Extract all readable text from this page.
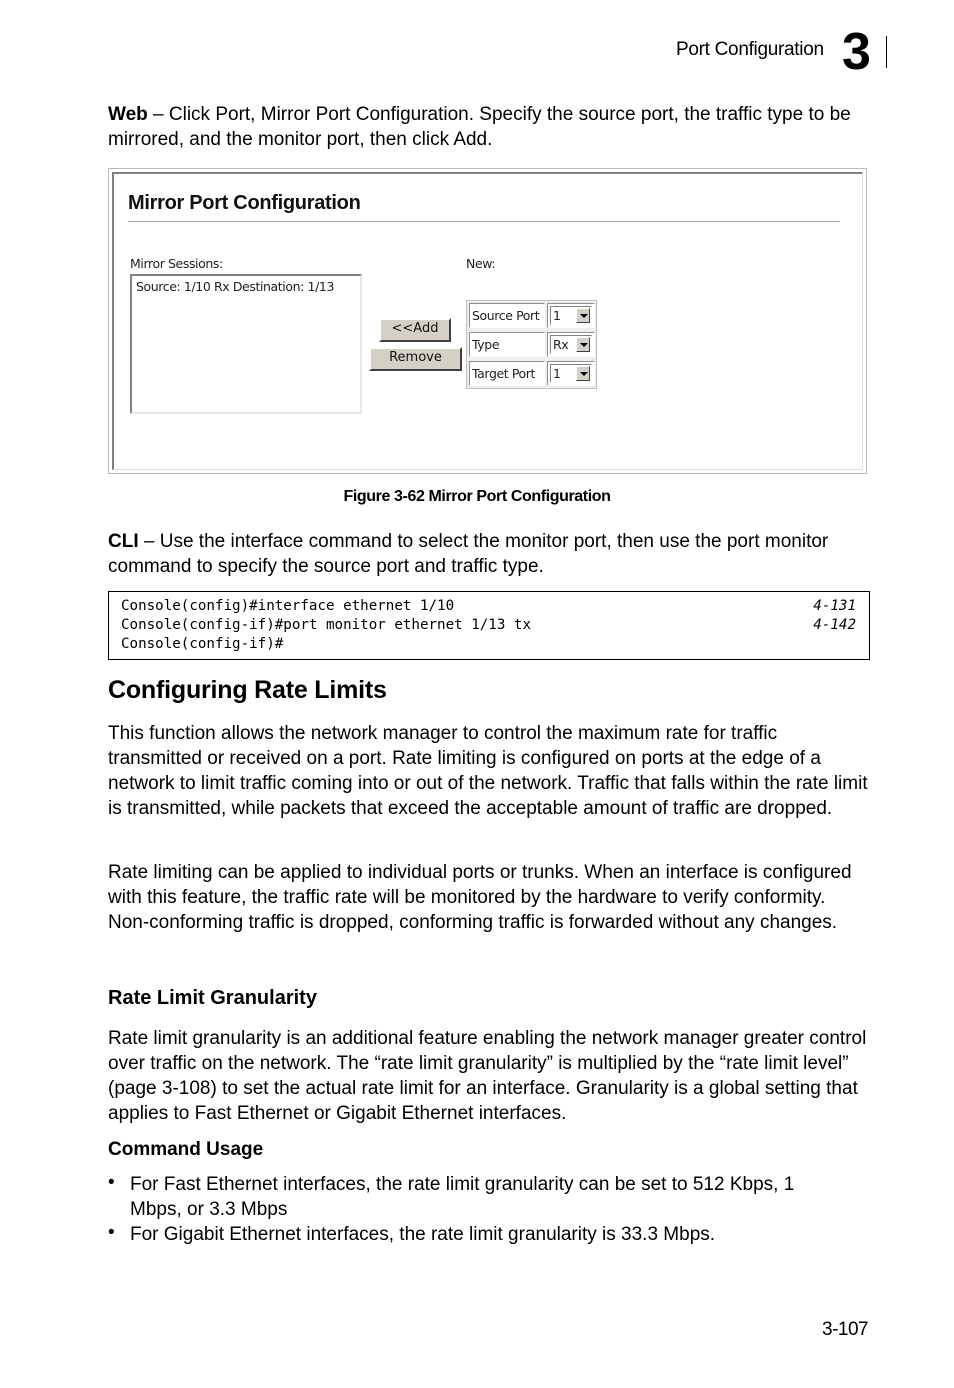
Port Configuration 3
Web – Click Port, Mirror Port Configuration. Specify the source port, the traffic type to be mirrored, and the monitor port, then click Add.
Mirror Port Configuration
Mirror Sessions:
Source: 1/10 Rx Destination: 1/13
New:
<<Add
Remove
Source Port 1
Type	Rx
Target Port 1
Figure 3-62 Mirror Port Configuration
CLI – Use the interface command to select the monitor port, then use the port monitor command to specify the source port and traffic type.
Console(config)#interface ethernet 1/10	4-131
Console(config-if)#port monitor ethernet 1/13 tx	4-142
Console(config-if)#
Configuring Rate Limits
This function allows the network manager to control the maximum rate for traffic transmitted or received on a port. Rate limiting is configured on ports at the edge of a network to limit traffic coming into or out of the network. Traffic that falls within the rate limit is transmitted, while packets that exceed the acceptable amount of traffic are dropped.
Rate limiting can be applied to individual ports or trunks. When an interface is configured with this feature, the traffic rate will be monitored by the hardware to verify conformity. Non-conforming traffic is dropped, conforming traffic is forwarded without any changes.
Rate Limit Granularity
Rate limit granularity is an additional feature enabling the network manager greater control over traffic on the network. The “rate limit granularity” is multiplied by the “rate limit level” (page 3-108) to set the actual rate limit for an interface. Granularity is a global setting that applies to Fast Ethernet or Gigabit Ethernet interfaces.
Command Usage
• For Fast Ethernet interfaces, the rate limit granularity can be set to 512 Kbps, 1 Mbps, or 3.3 Mbps
• For Gigabit Ethernet interfaces, the rate limit granularity is 33.3 Mbps.
3-107
